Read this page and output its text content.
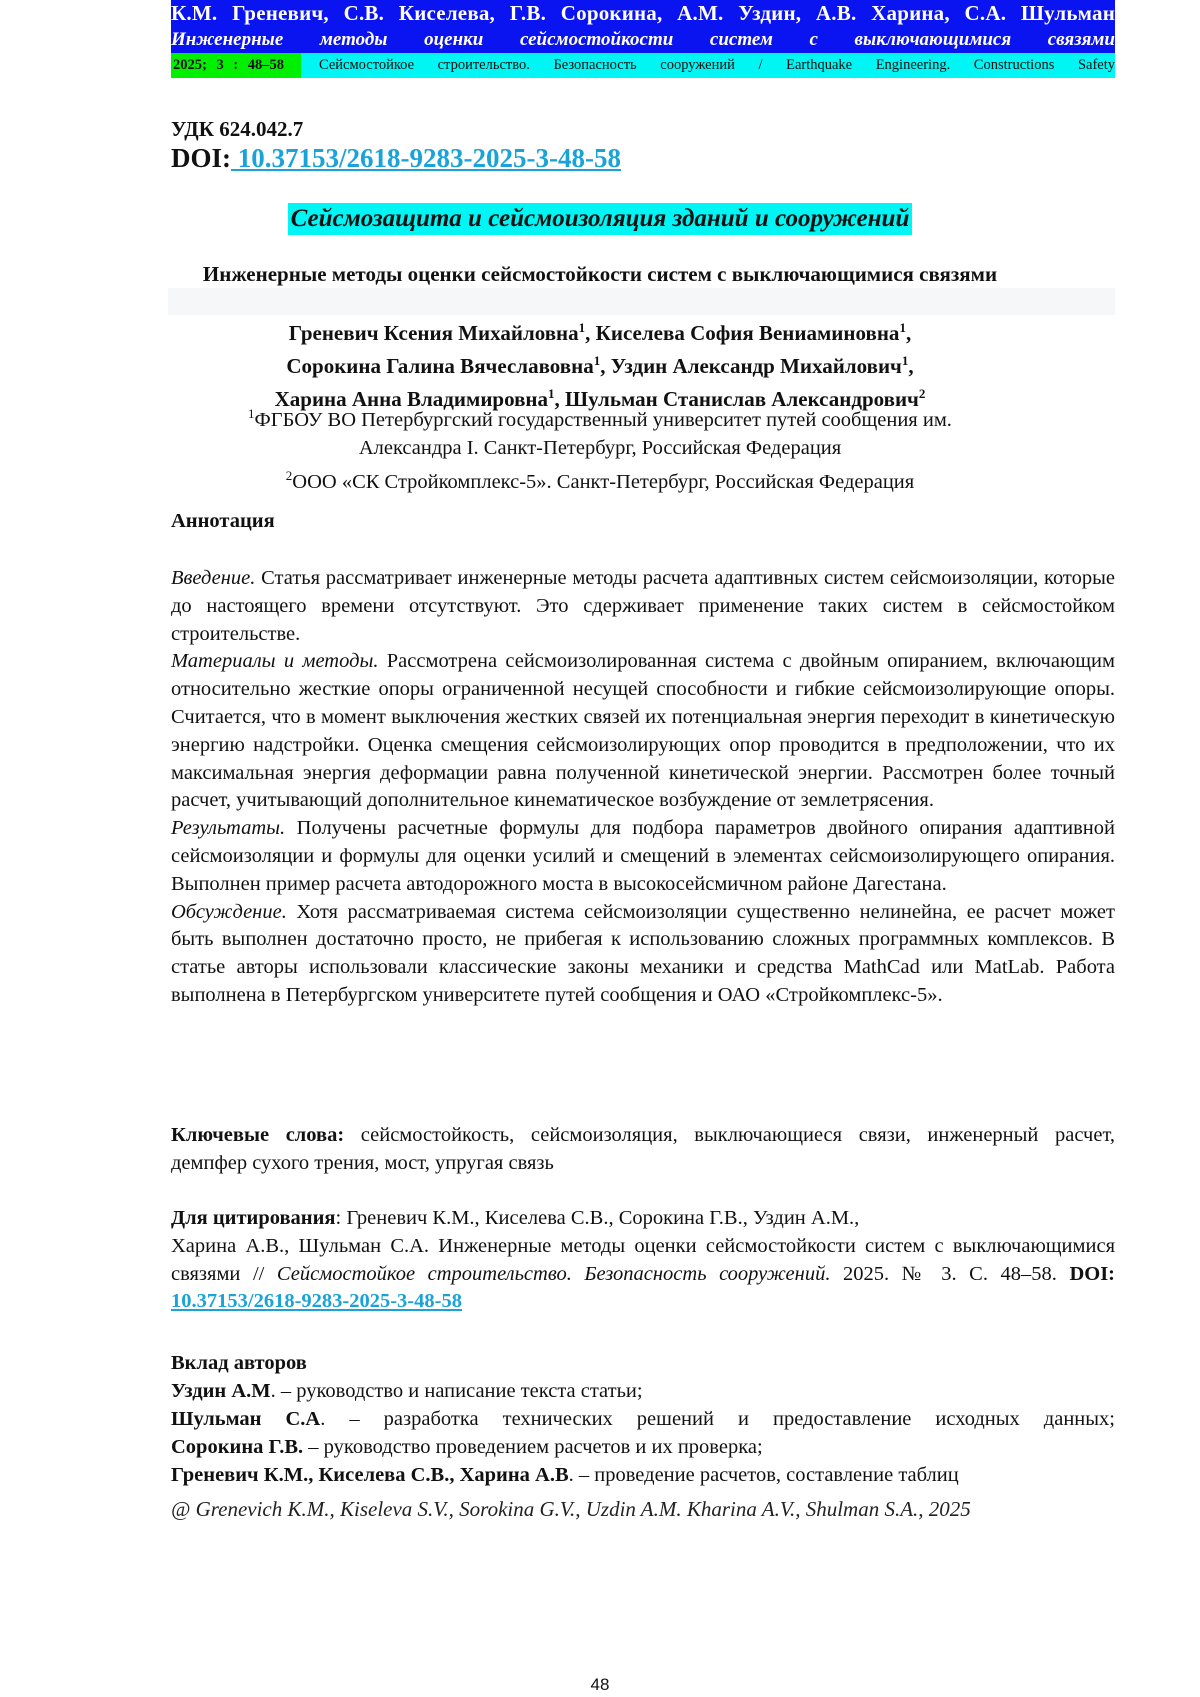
К.М. Греневич, С.В. Киселева, Г.В. Сорокина, А.М. Уздин, А.В. Харина, С.А. Шульман
Инженерные методы оценки сейсмостойкости систем с выключающимися связями
2025; 3 : 48–58	Сейсмостойкое строительство. Безопасность сооружений / Earthquake Engineering. Constructions Safety
УДК 624.042.7
DOI: 10.37153/2618-9283-2025-3-48-58
Сейсмозащита и сейсмоизоляция зданий и сооружений
Инженерные методы оценки сейсмостойкости систем с выключающимися связями
Греневич Ксения Михайловна$^1$, Киселева София Вениаминовна$^1$,
Сорокина Галина Вячеславовна$^1$, Уздин Александр Михайлович$^1$,
Харина Анна Владимировна$^1$, Шульман Станислав Александрович$^2$
$^1$ФГБОУ ВО Петербургский государственный университет путей сообщения им.
Александра I. Санкт-Петербург, Российская Федерация
$^2$ООО «СК Стройкомплекс-5». Санкт-Петербург, Российская Федерация
Аннотация

Введение. Статья рассматривает инженерные методы расчета адаптивных систем сейсмоизоляции, которые до настоящего времени отсутствуют. Это сдерживает применение таких систем в сейсмостойком строительстве.

Материалы и методы. Рассмотрена сейсмоизолированная система с двойным опиранием, включающим относительно жесткие опоры ограниченной несущей способности и гибкие сейсмоизолирующие опоры. Считается, что в момент выключения жестких связей их потенциальная энергия переходит в кинетическую энергию надстройки. Оценка смещения сейсмоизолирующих опор проводится в предположении, что их максимальная энергия деформации равна полученной кинетической энергии. Рассмотрен более точный расчет, учитывающий дополнительное кинематическое возбуждение от землетрясения.

Результаты. Получены расчетные формулы для подбора параметров двойного опирания адаптивной сейсмоизоляции и формулы для оценки усилий и смещений в элементах сейсмоизолирующего опирания. Выполнен пример расчета автодорожного моста в высокосейсмичном районе Дагестана.

Обсуждение. Хотя рассматриваемая система сейсмоизоляции существенно нелинейна, ее расчет может быть выполнен достаточно просто, не прибегая к использованию сложных программных комплексов. В статье авторы использовали классические законы механики и средства MathCad или MatLab. Работа выполнена в Петербургском университете путей сообщения и ОАО «Стройкомплекс-5».

Ключевые слова: сейсмостойкость, сейсмоизоляция, выключающиеся связи, инженерный расчет, демпфер сухого трения, мост, упругая связь
Для цитирования: Греневич К.М., Киселева С.В., Сорокина Г.В., Уздин А.М.,
Харина А.В., Шульман С.А. Инженерные методы оценки сейсмостойкости систем с выключающимися связями // Сейсмостойкое строительство. Безопасность сооружений. 2025. № 3. С. 48–58. DOI: 10.37153/2618-9283-2025-3-48-58

Вклад авторов

Уздин А.М. – руководство и написание текста статьи;

Шульман С.А. – разработка технических решений и предоставление исходных данных;

Сорокина Г.В. – руководство проведением расчетов и их проверка;

Греневич К.М., Киселева С.В., Харина А.В. – проведение расчетов, составление таблиц

@ Grenevich K.M., Kiseleva S.V., Sorokina G.V., Uzdin A.M. Kharina A.V., Shulman S.A., 2025
48
